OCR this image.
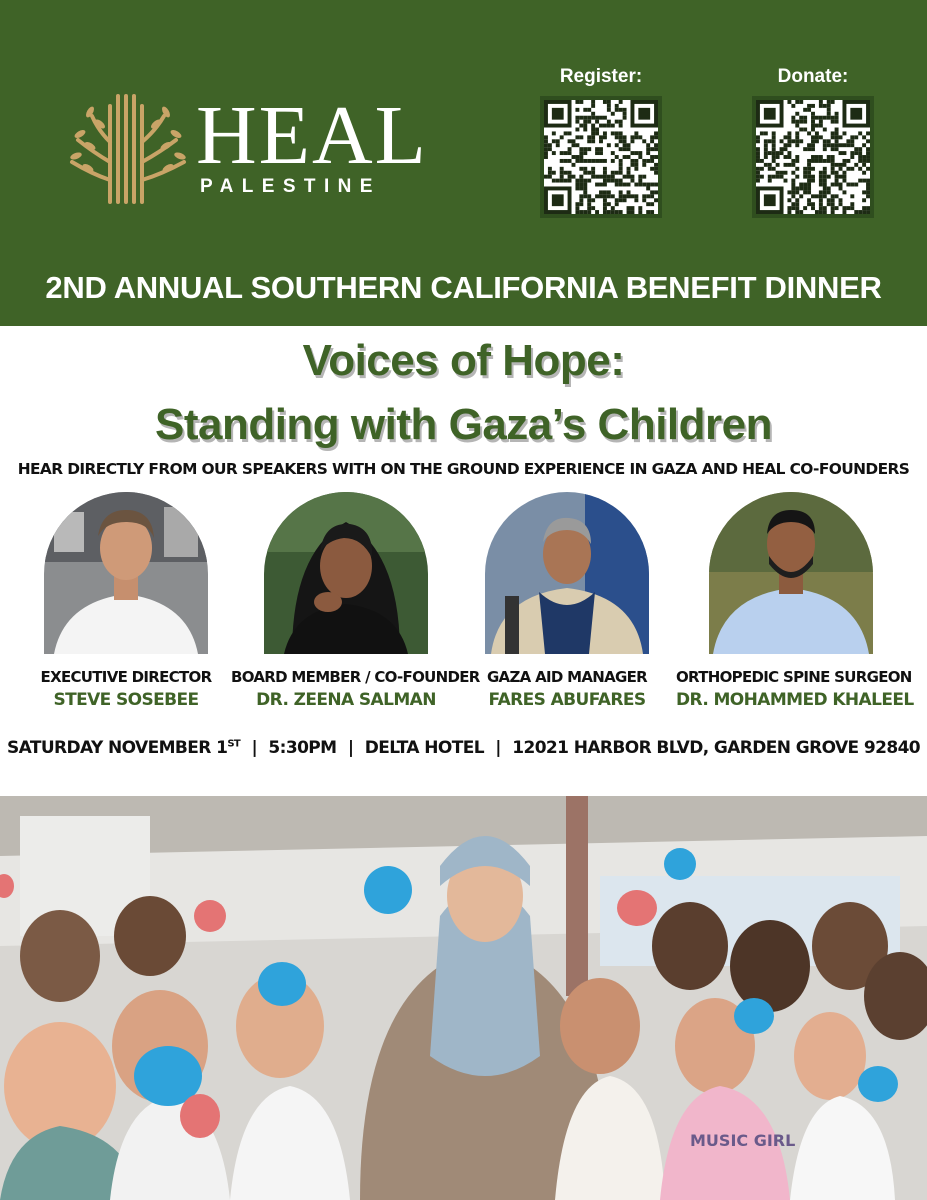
HEAL
PALESTINE
Register:	Donate:
2ND ANNUAL SOUTHERN CALIFORNIA BENEFIT DINNER
Voices of Hope:
Standing with Gaza’s Children
HEAR DIRECTLY FROM OUR SPEAKERS WITH ON THE GROUND EXPERIENCE IN GAZA AND HEAL CO-FOUNDERS
EXECUTIVE DIRECTOR
STEVE SOSEBEE
BOARD MEMBER / CO-FOUNDER
DR. ZEENA SALMAN
GAZA AID MANAGER
FARES ABUFARES
ORTHOPEDIC SPINE SURGEON
DR. MOHAMMED KHALEEL
SATURDAY NOVEMBER 1ST | 5:30PM | DELTA HOTEL | 12021 HARBOR BLVD, GARDEN GROVE 92840
MUSIC GIRL
